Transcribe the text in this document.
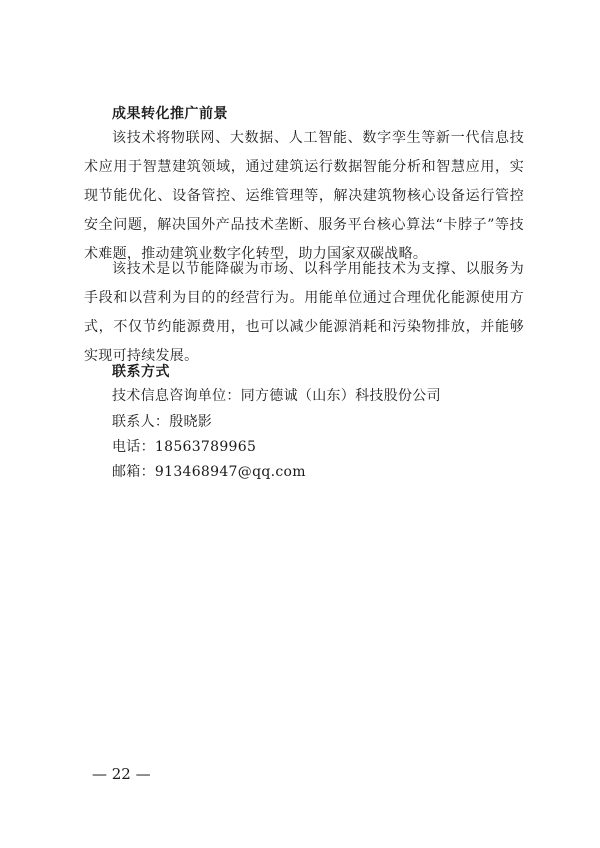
成果转化推广前景
该技术将物联网、大数据、人工智能、数字孪生等新一代信息技术应用于智慧建筑领域，通过建筑运行数据智能分析和智慧应用，实现节能优化、设备管控、运维管理等，解决建筑物核心设备运行管控安全问题，解决国外产品技术垄断、服务平台核心算法“卡脖子”等技术难题，推动建筑业数字化转型，助力国家双碳战略。
该技术是以节能降碳为市场、以科学用能技术为支撑、以服务为手段和以营利为目的的经营行为。用能单位通过合理优化能源使用方式，不仅节约能源费用，也可以减少能源消耗和污染物排放，并能够实现可持续发展。
联系方式
技术信息咨询单位：同方德诚（山东）科技股份公司
联系人：殷晓影
电话：18563789965
邮箱：913468947@qq.com
— 22 —
